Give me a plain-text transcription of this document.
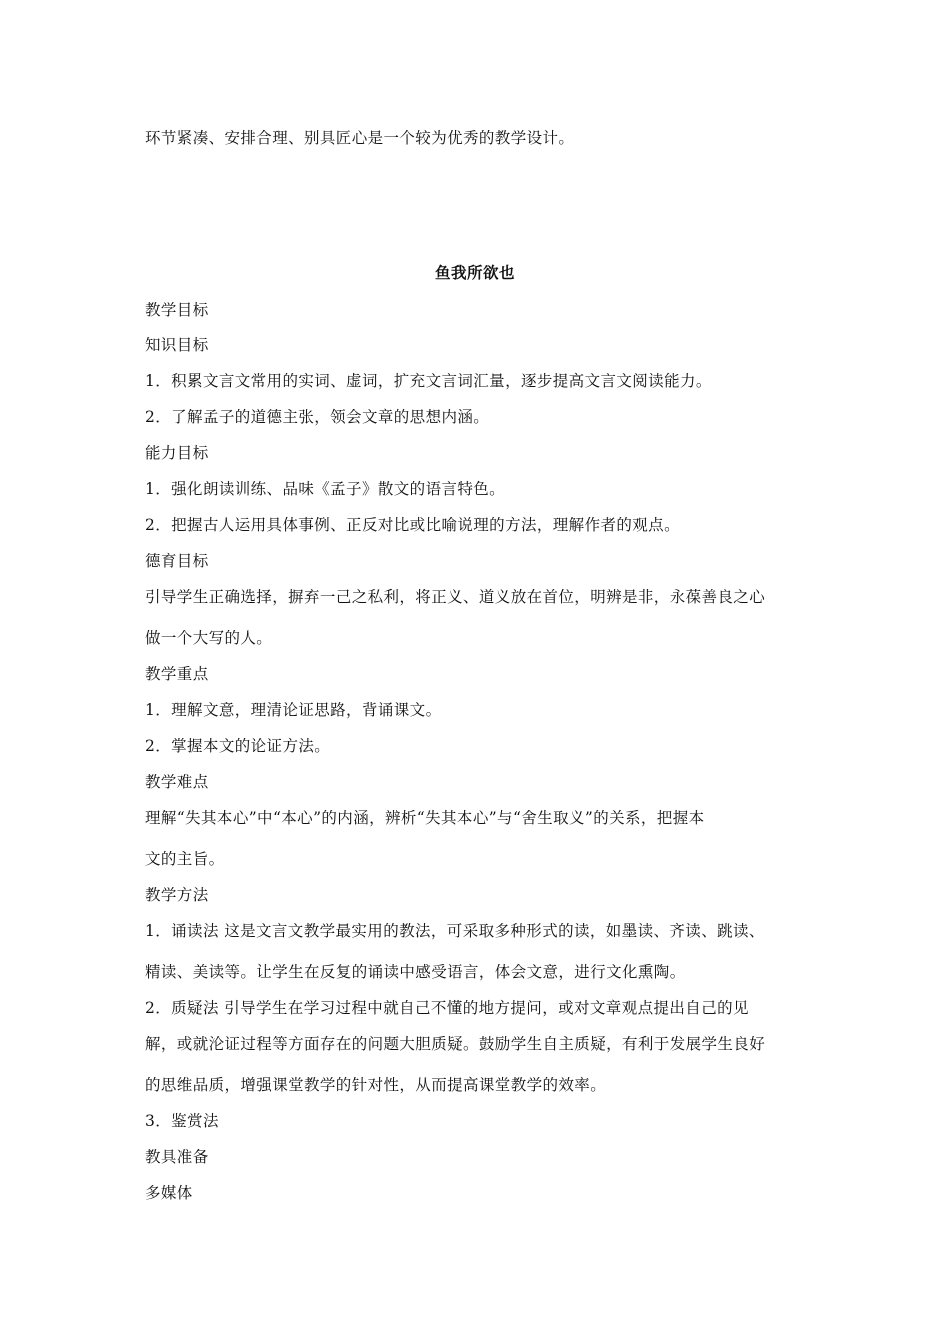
环节紧凑、安排合理、别具匠心是一个较为优秀的教学设计。
鱼我所欲也
教学目标
知识目标
1．积累文言文常用的实词、虚词，扩充文言词汇量，逐步提高文言文阅读能力。
2．了解孟子的道德主张，领会文章的思想内涵。
能力目标
1．强化朗读训练、品味《孟子》散文的语言特色。
2．把握古人运用具体事例、正反对比或比喻说理的方法，理解作者的观点。
德育目标
引导学生正确选择，摒弃一己之私利，将正义、道义放在首位，明辨是非，永葆善良之心
做一个大写的人。
教学重点
1．理解文意，理清论证思路，背诵课文。
2．掌握本文的论证方法。
教学难点
理解“失其本心”中“本心”的内涵，辨析“失其本心”与“舍生取义”的关系，把握本
文的主旨。
教学方法
1．诵读法 这是文言文教学最实用的教法，可采取多种形式的读，如墨读、齐读、跳读、
精读、美读等。让学生在反复的诵读中感受语言，体会文意，进行文化熏陶。
2．质疑法 引导学生在学习过程中就自己不懂的地方提问，或对文章观点提出自己的见
解，或就沦证过程等方面存在的问题大胆质疑。鼓励学生自主质疑，有利于发展学生良好
的思维品质，增强课堂教学的针对性，从而提高课堂教学的效率。
3．鉴赏法
教具准备
多媒体
